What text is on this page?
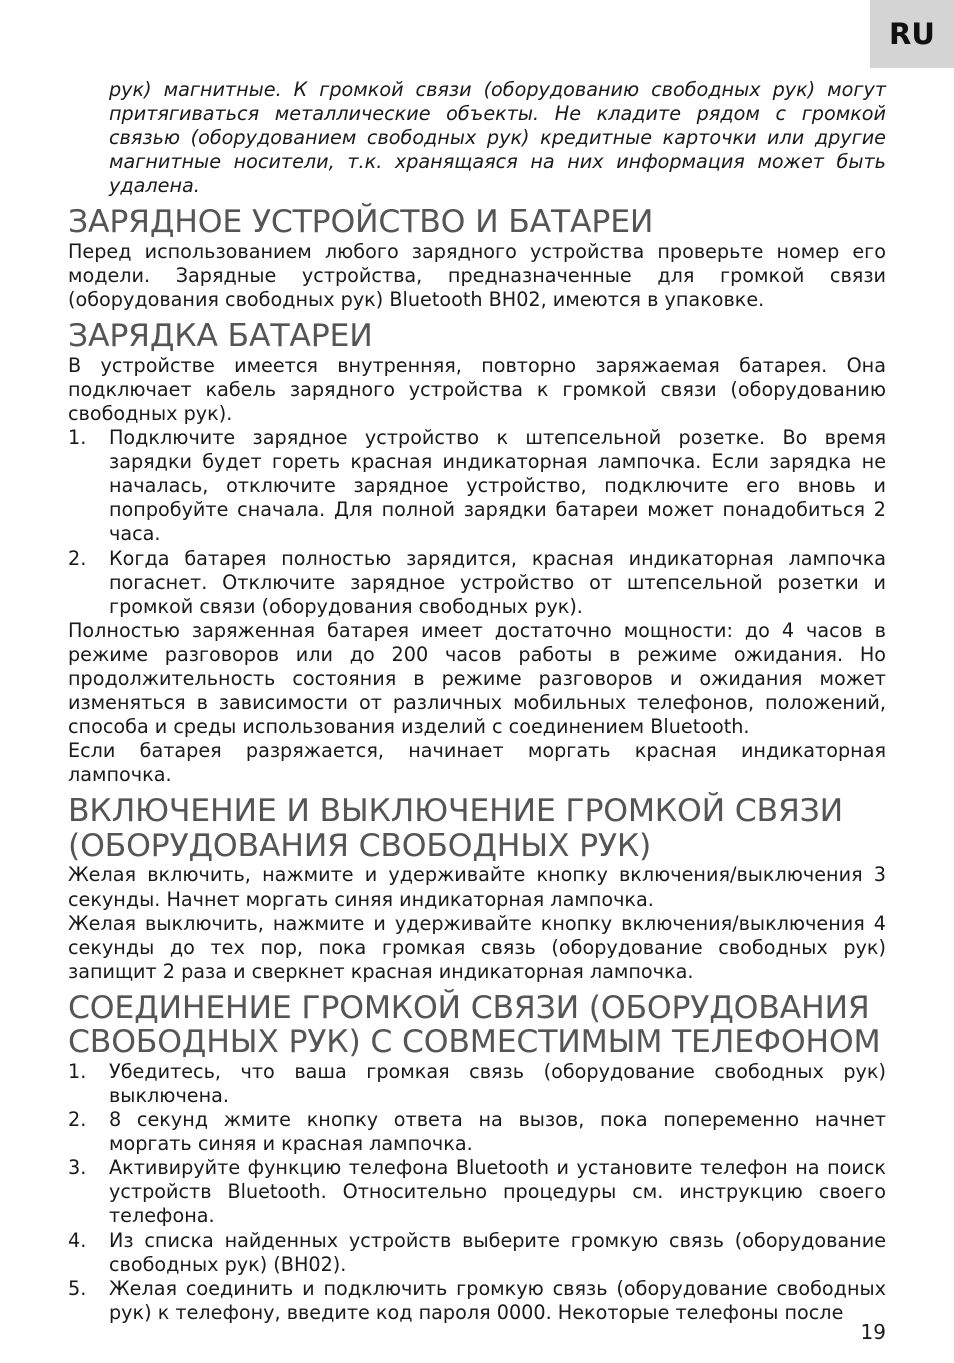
RU

рук) магнитные. К громкой связи (оборудованию свободных рук) могут притягиваться металлические объекты. Не кладите рядом с громкой связью (оборудованием свободных рук) кредитные карточки или другие магнитные носители, т.к. хранящаяся на них информация может быть удалена.

ЗАРЯДНОЕ УСТРОЙСТВО И БАТАРЕИ

Перед использованием любого зарядного устройства проверьте номер его модели. Зарядные устройства, предназначенные для громкой связи (оборудования свободных рук) Bluetooth BH02, имеются в упаковке.

ЗАРЯДКА БАТАРЕИ

В устройстве имеется внутренняя, повторно заряжаемая батарея. Она подключает кабель зарядного устройства к громкой связи (оборудованию свободных рук).

1.	Подключите зарядное устройство к штепсельной розетке. Во время зарядки будет гореть красная индикаторная лампочка. Если зарядка не началась, отключите зарядное устройство, подключите его вновь и попробуйте сначала. Для полной зарядки батареи может понадобиться 2 часа.
2.	Когда батарея полностью зарядится, красная индикаторная лампочка погаснет. Отключите зарядное устройство от штепсельной розетки и громкой связи (оборудования свободных рук).

Полностью заряженная батарея имеет достаточно мощности: до 4 часов в режиме разговоров или до 200 часов работы в режиме ожидания. Но продолжительность состояния в режиме разговоров и ожидания может изменяться в зависимости от различных мобильных телефонов, положений, способа и среды использования изделий с соединением Bluetooth.

Если батарея разряжается, начинает моргать красная индикаторная лампочка.

ВКЛЮЧЕНИЕ И ВЫКЛЮЧЕНИЕ ГРОМКОЙ СВЯЗИ (ОБОРУДОВАНИЯ СВОБОДНЫХ РУК)

Желая включить, нажмите и удерживайте кнопку включения/выключения 3 секунды. Начнет моргать синяя индикаторная лампочка.

Желая выключить, нажмите и удерживайте кнопку включения/выключения 4 секунды до тех пор, пока громкая связь (оборудование свободных рук) запищит 2 раза и сверкнет красная индикаторная лампочка.

СОЕДИНЕНИЕ ГРОМКОЙ СВЯЗИ (ОБОРУДОВАНИЯ СВОБОДНЫХ РУК) С СОВМЕСТИМЫМ ТЕЛЕФОНОМ
1.	Убедитесь, что ваша громкая связь (оборудование свободных рук) выключена.
2.	8 секунд жмите кнопку ответа на вызов, пока попеременно начнет моргать синяя и красная лампочка.
3.	Активируйте функцию телефона Bluetooth и установите телефон на поиск устройств Bluetooth. Относительно процедуры см. инструкцию своего телефона.
4.	Из списка найденных устройств выберите громкую связь (оборудование свободных рук) (BH02).
5.	Желая соединить и подключить громкую связь (оборудование свободных рук) к телефону, введите код пароля 0000. Некоторые телефоны после
19
